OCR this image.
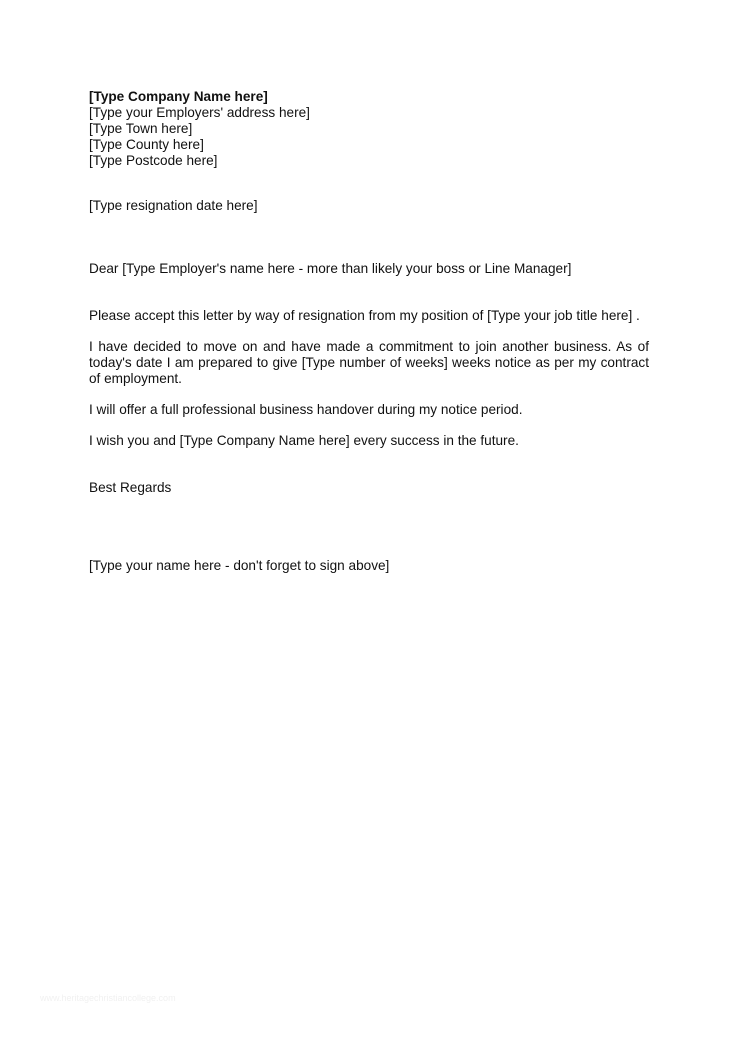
[Type Company Name here]
[Type your Employers' address here]
[Type Town here]
[Type County here]
[Type Postcode here]
[Type resignation date here]
Dear [Type Employer's name here - more than likely your boss or Line Manager]
Please accept this letter by way of resignation from my position of [Type your job title here] .
I have decided to move on and have made a commitment to join another business. As of today's date I am prepared to give [Type number of weeks] weeks notice as per my contract of employment.
I will offer a full professional business handover during my notice period.
I wish you and [Type Company Name here] every success in the future.
Best Regards
[Type your name here - don't forget to sign above]
www.heritagechristiancollege.com
